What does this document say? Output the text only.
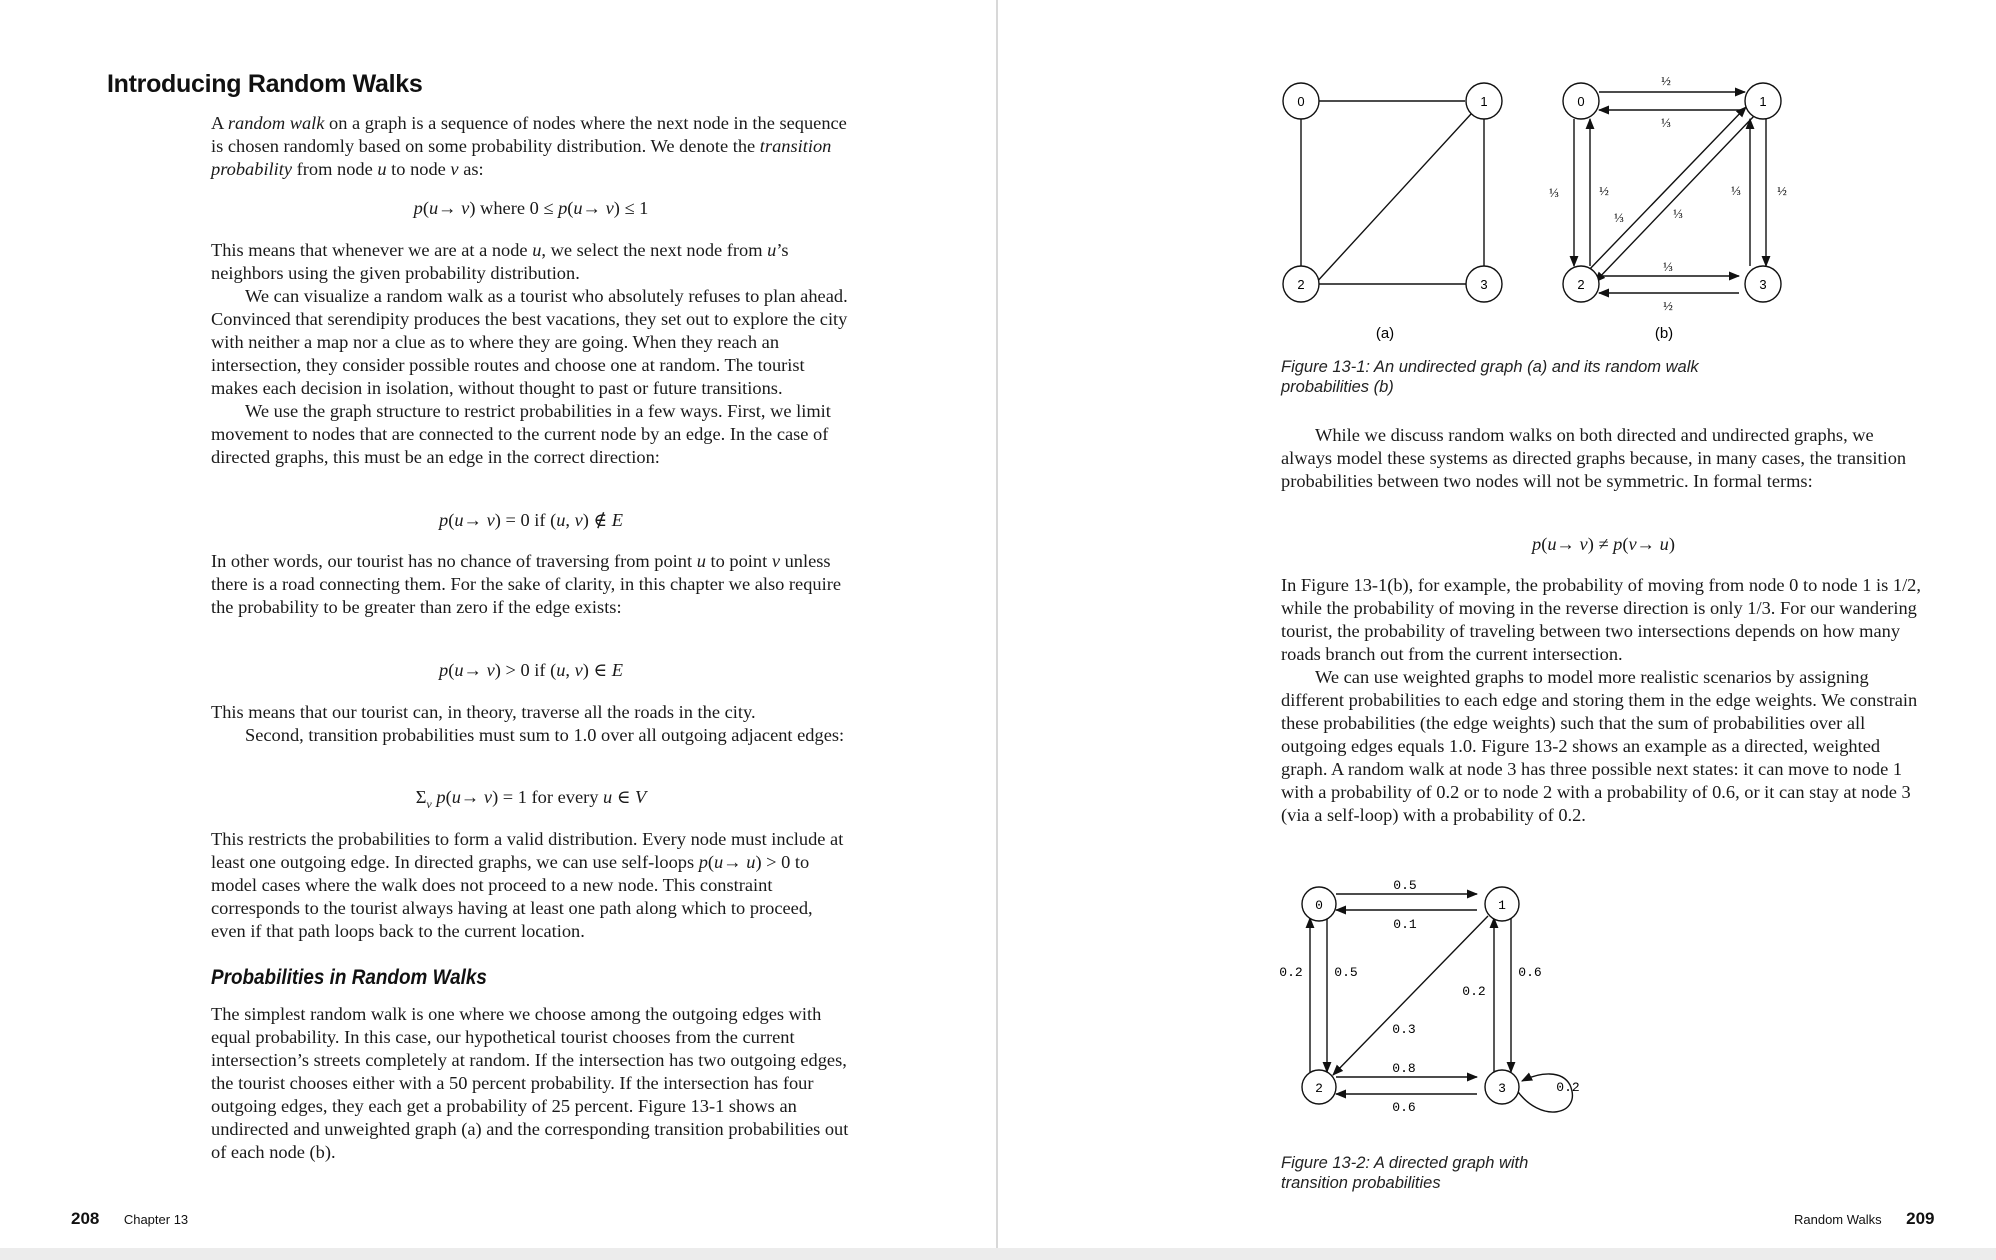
Introducing Random Walks

A random walk on a graph is a sequence of nodes where the next node in the sequence is chosen randomly based on some probability distribution. We denote the transition probability from node u to node v as:

p(u→ v) where 0 ≤ p(u→ v) ≤ 1

This means that whenever we are at a node u, we select the next node from u’s neighbors using the given probability distribution.

We can visualize a random walk as a tourist who absolutely refuses to plan ahead. Convinced that serendipity produces the best vacations, they set out to explore the city with neither a map nor a clue as to where they are going. When they reach an intersection, they consider possible routes and choose one at random. The tourist makes each decision in isolation, without thought to past or future transitions.

We use the graph structure to restrict probabilities in a few ways. First, we limit movement to nodes that are connected to the current node by an edge. In the case of directed graphs, this must be an edge in the correct direction:

p(u→ v) = 0 if (u, v) ∉ E

In other words, our tourist has no chance of traversing from point u to point v unless there is a road connecting them. For the sake of clarity, in this chapter we also require the probability to be greater than zero if the edge exists:

p(u→ v) > 0 if (u, v) ∈ E

This means that our tourist can, in theory, traverse all the roads in the city.

Second, transition probabilities must sum to 1.0 over all outgoing adjacent edges:

$\Sigma_v$ p(u→ v) = 1 for every u ∈ V

This restricts the probabilities to form a valid distribution. Every node must include at least one outgoing edge. In directed graphs, we can use self-loops p(u→ u) > 0 to model cases where the walk does not proceed to a new node. This constraint corresponds to the tourist always having at least one path along which to proceed, even if that path loops back to the current location.

Probabilities in Random Walks

The simplest random walk is one where we choose among the outgoing edges with equal probability. In this case, our hypothetical tourist chooses from the current intersection’s streets completely at random. If the intersection has two outgoing edges, the tourist chooses either with a 50 percent probability. If the intersection has four outgoing edges, they each get a probability of 25 percent. Figure 13-1 shows an undirected and unweighted graph (a) and the corresponding transition probabilities out of each node (b).

208 Chapter 13
0	1
2	3
(a)
0	1
2	3
½
⅓
⅓	½
⅓	⅓
½
⅓
⅓
½
(b)

Figure 13-1: An undirected graph (a) and its random walk probabilities (b)

While we discuss random walks on both directed and undirected graphs, we always model these systems as directed graphs because, in many cases, the transition probabilities between two nodes will not be symmetric. In formal terms:

p(u→ v) ≠ p(v→ u)

In Figure 13-1(b), for example, the probability of moving from node 0 to node 1 is 1/2, while the probability of moving in the reverse direction is only 1/3. For our wandering tourist, the probability of traveling between two intersections depends on how many roads branch out from the current intersection.

We can use weighted graphs to model more realistic scenarios by assigning different probabilities to each edge and storing them in the edge weights. We constrain these probabilities (the edge weights) such that the sum of probabilities over all outgoing edges equals 1.0. Figure 13-2 shows an example as a directed, weighted graph. A random walk at node 3 has three possible next states: it can move to node 1 with a probability of 0.2 or to node 2 with a probability of 0.6, or it can stay at node 3 (via a self-loop) with a probability of 0.2.

0	1
2	3
0.5
0.1
0.2 0.5	0.6
0.2
0.3
0.8
0.6
0.2

Figure 13-2: A directed graph with transition probabilities

Random Walks 209
